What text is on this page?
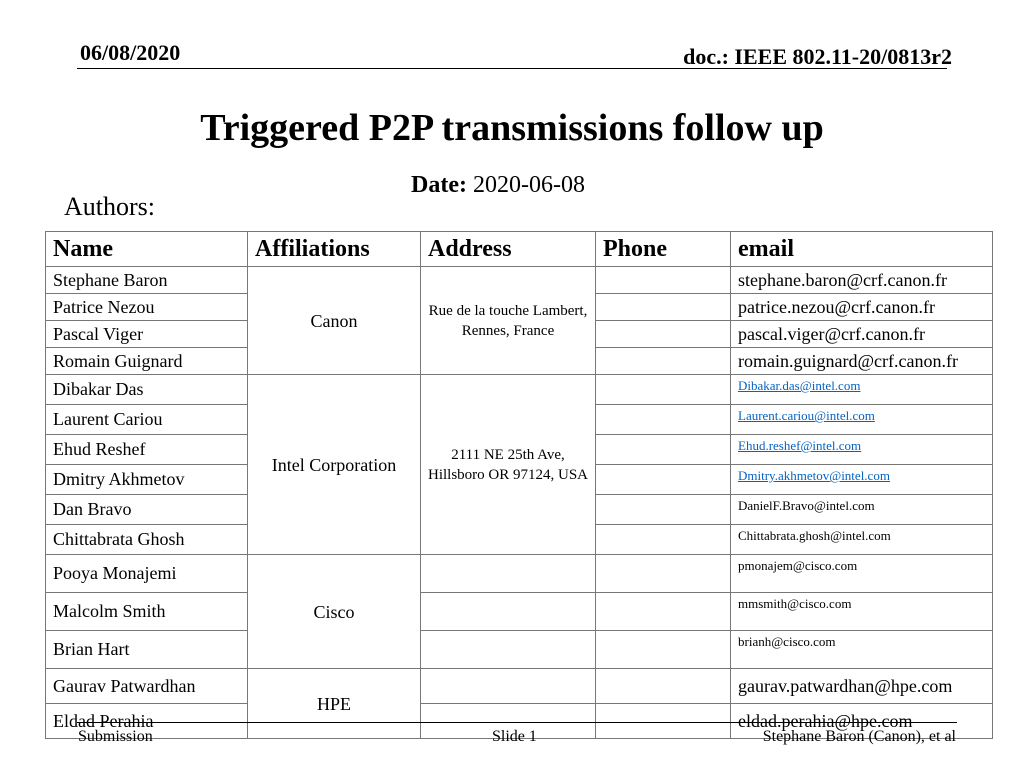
06/08/2020	doc.: IEEE 802.11-20/0813r2
Triggered P2P transmissions follow up
Date: 2020-06-08
Authors:
Name	Affiliations	Address	Phone	email
Stephane Baron	Canon	Rue de la touche Lambert, Rennes, France		stephane.baron@crf.canon.fr
Patrice Nezou				patrice.nezou@crf.canon.fr
Pascal Viger				pascal.viger@crf.canon.fr
Romain Guignard				romain.guignard@crf.canon.fr
Dibakar Das	Intel Corporation	2111 NE 25th Ave, Hillsboro OR 97124, USA		Dibakar.das@intel.com
Laurent Cariou				Laurent.cariou@intel.com
Ehud Reshef				Ehud.reshef@intel.com
Dmitry Akhmetov				Dmitry.akhmetov@intel.com
Dan Bravo				DanielF.Bravo@intel.com
Chittabrata Ghosh				Chittabrata.ghosh@intel.com
Pooya Monajemi	Cisco			pmonajem@cisco.com
Malcolm Smith				mmsmith@cisco.com
Brian Hart				brianh@cisco.com
Gaurav Patwardhan	HPE			gaurav.patwardhan@hpe.com
Eldad Perahia				eldad.perahia@hpe.com
Submission	Slide 1	Stephane Baron (Canon), et al
